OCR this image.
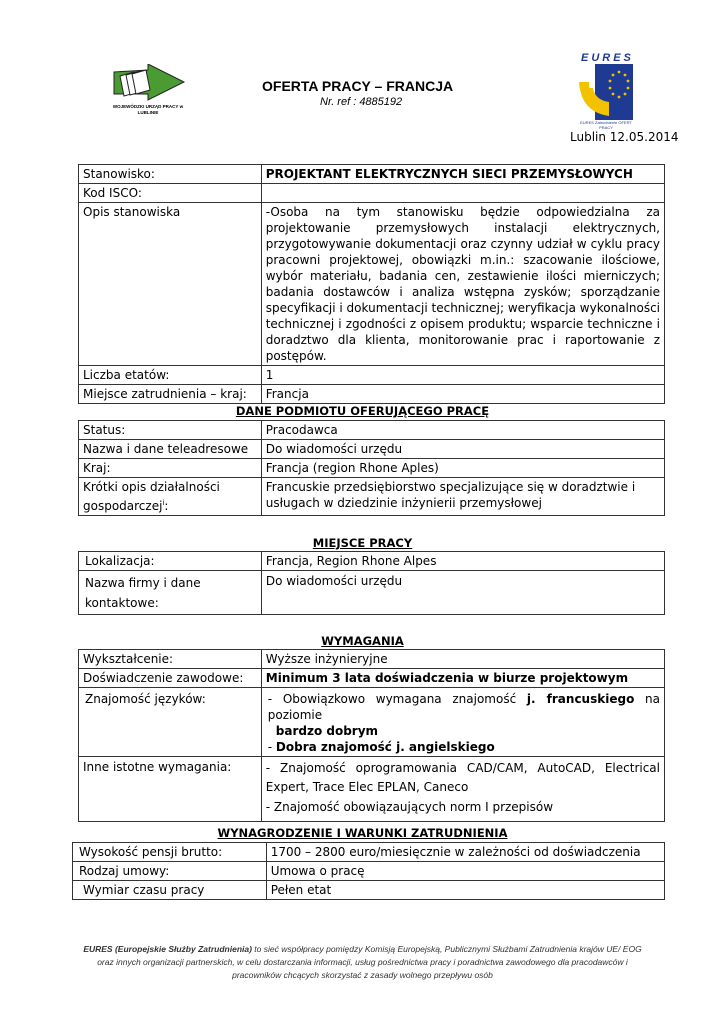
WOJEWÓDZKI URZĄD PRACY w LUBLINIE
OFERTA PRACY – FRANCJA
Nr. ref : 4885192
EURES
EURES Zatrudnienie OFERT PRACY
Lublin 12.05.2014
Stanowisko:	PROJEKTANT ELEKTRYCZNYCH SIECI PRZEMYSŁOWYCH
Kod ISCO:	
Opis stanowiska	-Osoba na tym stanowisku będzie odpowiedzialna za projektowanie przemysłowych instalacji elektrycznych, przygotowywanie dokumentacji oraz czynny udział w cyklu pracy pracowni projektowej, obowiązki m.in.: szacowanie ilościowe, wybór materiału, badania cen, zestawienie ilości mierniczych; badania dostawców i analiza wstępna zysków; sporządzanie specyfikacji i dokumentacji technicznej; weryfikacja wykonalności technicznej i zgodności z opisem produktu; wsparcie techniczne i doradztwo dla klienta, monitorowanie prac i raportowanie z postępów.
Liczba etatów:	1
Miejsce zatrudnienia – kraj:	Francja
DANE PODMIOTU OFERUJĄCEGO PRACĘ
Status:	Pracodawca
Nazwa i dane teleadresowe	Do wiadomości urzędu
Kraj:	Francja (region Rhone Aples)
Krótki opis działalności gospodarczej$^i$:	Francuskie przedsiębiorstwo specjalizujące się w doradztwie i usługach w dziedzinie inżynierii przemysłowej
MIEJSCE PRACY
Lokalizacja:	Francja, Region Rhone Alpes
Nazwa firmy i dane kontaktowe:	Do wiadomości urzędu
WYMAGANIA
Wykształcenie:	Wyższe inżynieryjne
Doświadczenie zawodowe:	Minimum 3 lata doświadczenia w biurze projektowym
Znajomość języków:	- Obowiązkowo wymagana znajomość j. francuskiego na poziomie
bardzo dobrym
- Dobra znajomość j. angielskiego

Inne istotne wymagania:	- Znajomość oprogramowania CAD/CAM, AutoCAD, Electrical Expert, Trace Elec EPLAN, Caneco
- Znajomość obowiązaujących norm I przepisów
WYNAGRODZENIE I WARUNKI ZATRUDNIENIA
Wysokość pensji brutto:	1700 – 2800 euro/miesięcznie w zależności od doświadczenia
Rodzaj umowy:	Umowa o pracę
Wymiar czasu pracy	Pełen etat
EURES (Europejskie Służby Zatrudnienia) to sieć współpracy pomiędzy Komisją Europejską, Publicznymi Służbami Zatrudnienia krajów UE/ EOG
oraz innych organizacji partnerskich, w celu dostarczania informacji, usług pośrednictwa pracy i poradnictwa zawodowego dla pracodawców i
pracowników chcących skorzystać z zasady wolnego przepływu osób
